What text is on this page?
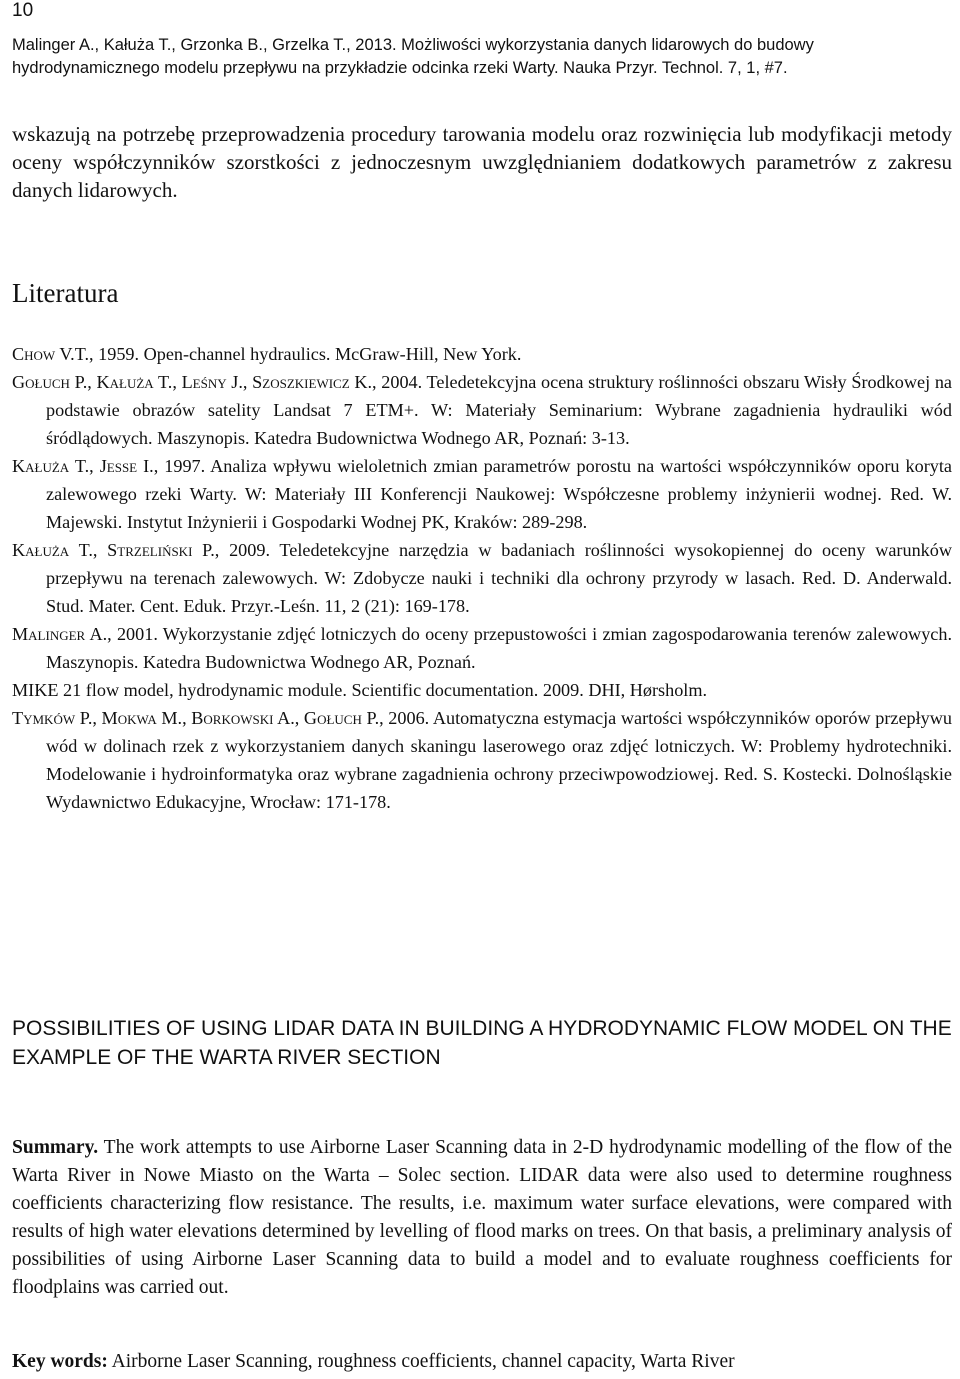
10
Malinger A., Kałuża T., Grzonka B., Grzelka T., 2013. Możliwości wykorzystania danych lidarowych do budowy
hydrodynamicznego modelu przepływu na przykładzie odcinka rzeki Warty. Nauka Przyr. Technol. 7, 1, #7.

wskazują na potrzebę przeprowadzenia procedury tarowania modelu oraz rozwinięcia lub modyfikacji metody oceny współczynników szorstkości z jednoczesnym uwzględnianiem dodatkowych parametrów z zakresu danych lidarowych.

Literatura
Chow V.T., 1959. Open-channel hydraulics. McGraw-Hill, New York.
Gołuch P., Kałuża T., Leśny J., Szoszkiewicz K., 2004. Teledetekcyjna ocena struktury roślinności obszaru Wisły Środkowej na podstawie obrazów satelity Landsat 7 ETM+. W: Materiały Seminarium: Wybrane zagadnienia hydrauliki wód śródlądowych. Maszynopis. Katedra Budownictwa Wodnego AR, Poznań: 3-13.
Kałuża T., Jesse I., 1997. Analiza wpływu wieloletnich zmian parametrów porostu na wartości współczynników oporu koryta zalewowego rzeki Warty. W: Materiały III Konferencji Naukowej: Współczesne problemy inżynierii wodnej. Red. W. Majewski. Instytut Inżynierii i Gospodarki Wodnej PK, Kraków: 289-298.
Kałuża T., Strzeliński P., 2009. Teledetekcyjne narzędzia w badaniach roślinności wysokopiennej do oceny warunków przepływu na terenach zalewowych. W: Zdobycze nauki i techniki dla ochrony przyrody w lasach. Red. D. Anderwald. Stud. Mater. Cent. Eduk. Przyr.-Leśn. 11, 2 (21): 169-178.
Malinger A., 2001. Wykorzystanie zdjęć lotniczych do oceny przepustowości i zmian zagospodarowania terenów zalewowych. Maszynopis. Katedra Budownictwa Wodnego AR, Poznań.
MIKE 21 flow model, hydrodynamic module. Scientific documentation. 2009. DHI, Hørsholm.
Tymków P., Mokwa M., Borkowski A., Gołuch P., 2006. Automatyczna estymacja wartości współczynników oporów przepływu wód w dolinach rzek z wykorzystaniem danych skaningu laserowego oraz zdjęć lotniczych. W: Problemy hydrotechniki. Modelowanie i hydroinformatyka oraz wybrane zagadnienia ochrony przeciwpowodziowej. Red. S. Kostecki. Dolnośląskie Wydawnictwo Edukacyjne, Wrocław: 171-178.
POSSIBILITIES OF USING LIDAR DATA IN BUILDING A HYDRODYNAMIC FLOW MODEL ON THE EXAMPLE OF THE WARTA RIVER SECTION

Summary. The work attempts to use Airborne Laser Scanning data in 2-D hydrodynamic modelling of the flow of the Warta River in Nowe Miasto on the Warta – Solec section. LIDAR data were also used to determine roughness coefficients characterizing flow resistance. The results, i.e. maximum water surface elevations, were compared with results of high water elevations determined by levelling of flood marks on trees. On that basis, a preliminary analysis of possibilities of using Airborne Laser Scanning data to build a model and to evaluate roughness coefficients for floodplains was carried out.

Key words: Airborne Laser Scanning, roughness coefficients, channel capacity, Warta River
